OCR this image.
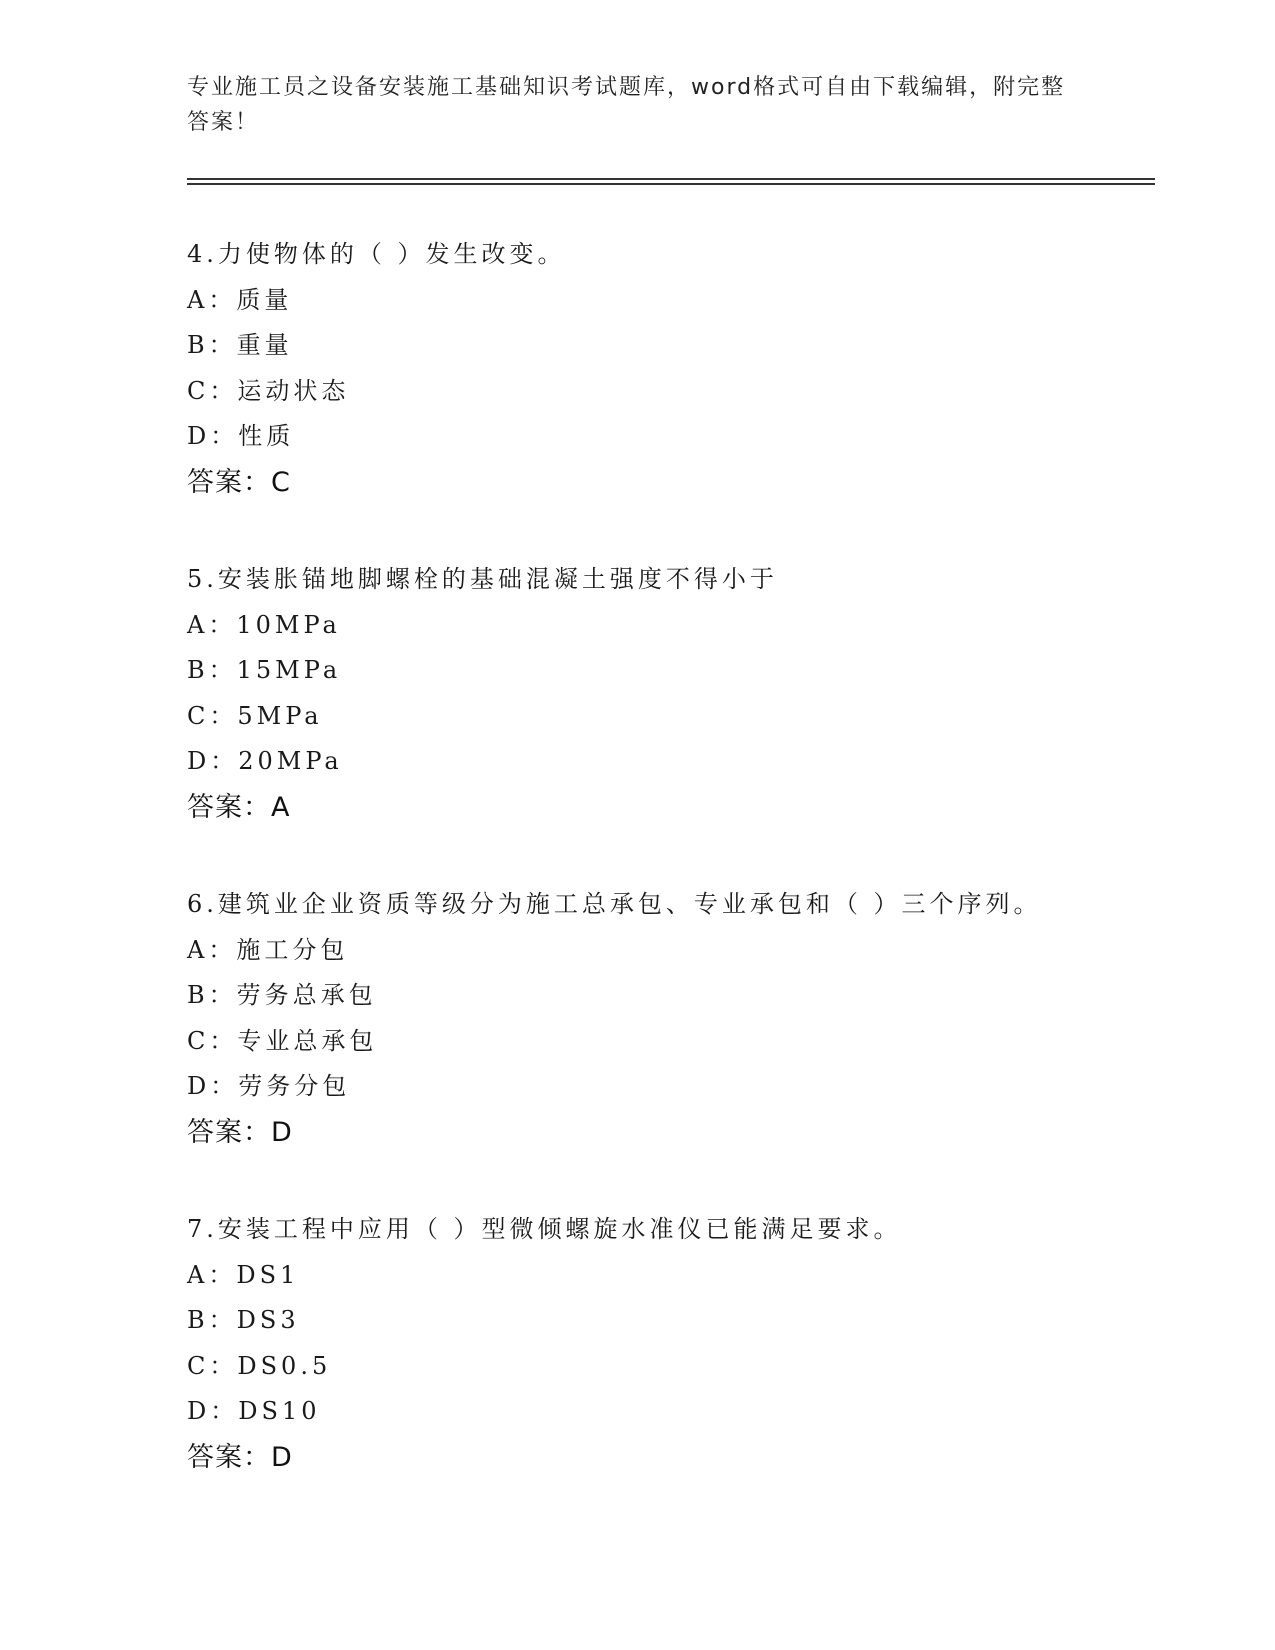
专业施工员之设备安装施工基础知识考试题库，word格式可自由下载编辑，附完整答案！
4.力使物体的（ ）发生改变。
A：质量
B：重量
C：运动状态
D：性质
答案：C
5.安装胀锚地脚螺栓的基础混凝土强度不得小于
A：10MPa
B：15MPa
C：5MPa
D：20MPa
答案：A
6.建筑业企业资质等级分为施工总承包、专业承包和（ ）三个序列。
A：施工分包
B：劳务总承包
C：专业总承包
D：劳务分包
答案：D
7.安装工程中应用（ ）型微倾螺旋水准仪已能满足要求。
A：DS1
B：DS3
C：DS0.5
D：DS10
答案：D
